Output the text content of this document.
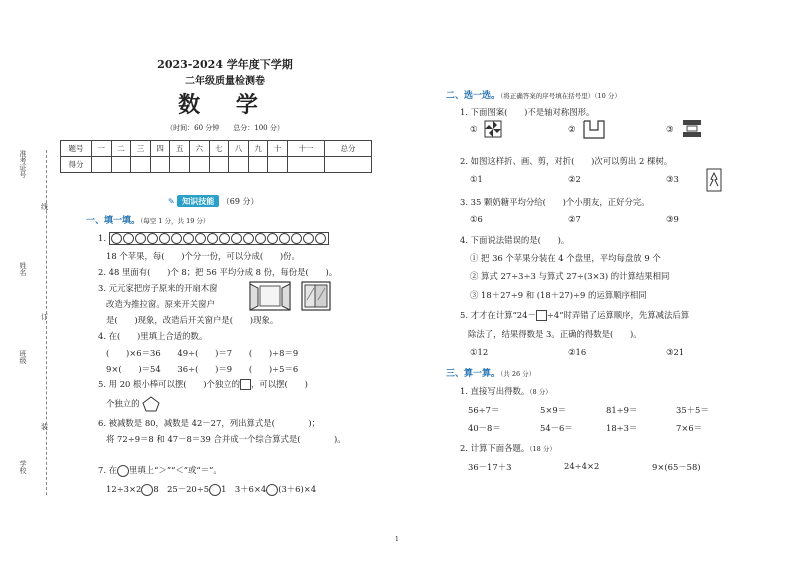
准考证号
姓名
班级
学校
线
订
装
2023-2024 学年度下学期
二年级质量检测卷
数 学
（时间：60 分钟　　总分：100 分）
题号	一	二	三	四	五	六	七	八	九	十	十一	总分
得分												
✎ 知识技能 （69 分）
一、填一填。（每空 1 分，共 19 分）
1.
18 个苹果，每(　　)个分一份，可以分成(　　)份。
2. 48 里面有(　　)个 8；把 56 平均分成 8 份，每份是(　　)。
3. 元元家把房子原来的开扇木窗
改造为推拉窗。原来开关窗户
是(　　)现象，改造后开关窗户是(　　)现象。
4. 在(　　)里填上合适的数。
(　　)×6＝36　　49÷(　　)＝7　　(　　)÷8＝9
9×(　　)＝54　　36÷(　　)＝9　　(　　)÷5＝6
5. 用 20 根小棒可以摆(　　)个独立的 ，可以摆(　　)
个独立的
6. 被减数是 80，减数是 42－27，列出算式是(　　　　)；
将 72÷9＝8 和 47－8＝39 合并成一个综合算式是(　　　　)。
7. 在 里填上“＞”“＜”或“＝”。
12÷3×2 8　25－20÷5 1　3＋6×4 (3＋6)×4
二、选一选。（将正确答案的序号填在括号里）（10 分）
1. 下面图案(　　)不是轴对称图形。
①	②	③
2. 如图这样折、画、剪，对折(　　)次可以剪出 2 棵树。
①1	②2	③3
3. 35 颗奶糖平均分给(　　)个小朋友，正好分完。
①6	②7	③9
4. 下面说法错误的是(　　)。
① 把 36 个苹果分装在 4 个盘里，平均每盘放 9 个
② 算式 27÷3÷3 与算式 27÷(3×3) 的计算结果相同
③ 18＋27÷9 和 (18＋27)÷9 的运算顺序相同
5. 才才在计算“24－ ÷4”时弄错了运算顺序，先算减法后算
除法了，结果得数是 3。正确的得数是(　　)。
①12	②16	③21
三、算一算。（共 26 分）
1. 直接写出得数。（8 分）
56÷7＝	5×9＝	81÷9＝	35＋5＝
40－8＝	54－6＝	18÷3＝	7×6＝
2. 计算下面各题。（18 分）
36－17＋3	24÷4×2	9×(65－58)
1
